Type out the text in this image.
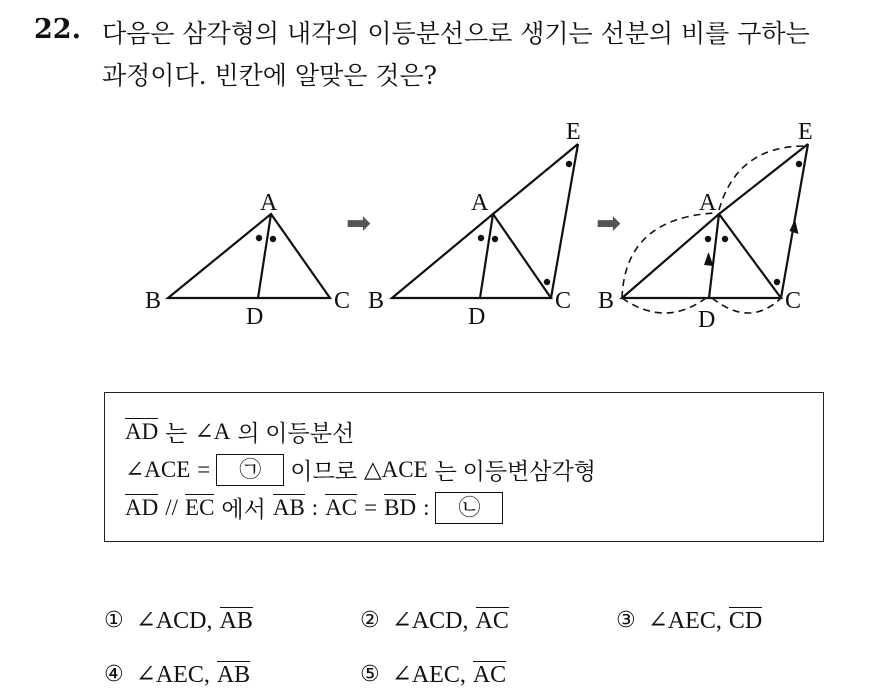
22. 다음은 삼각형의 내각의 이등분선으로 생기는 선분의 비를 구하는
과정이다. 빈칸에 알맞은 것은?
A
B	C
D
➡
A
B	C
D
E
➡
A
B	C
D
E
AD 는 ∠A 의 이등분선
∠ACE =	㉠	이므로 △ACE 는 이등변삼각형
AD // EC 에서 AB : AC = BD :	㉡
① ∠ACD, AB	② ∠ACD, AC	③ ∠AEC, CD
④ ∠AEC, AB	⑤ ∠AEC, AC
